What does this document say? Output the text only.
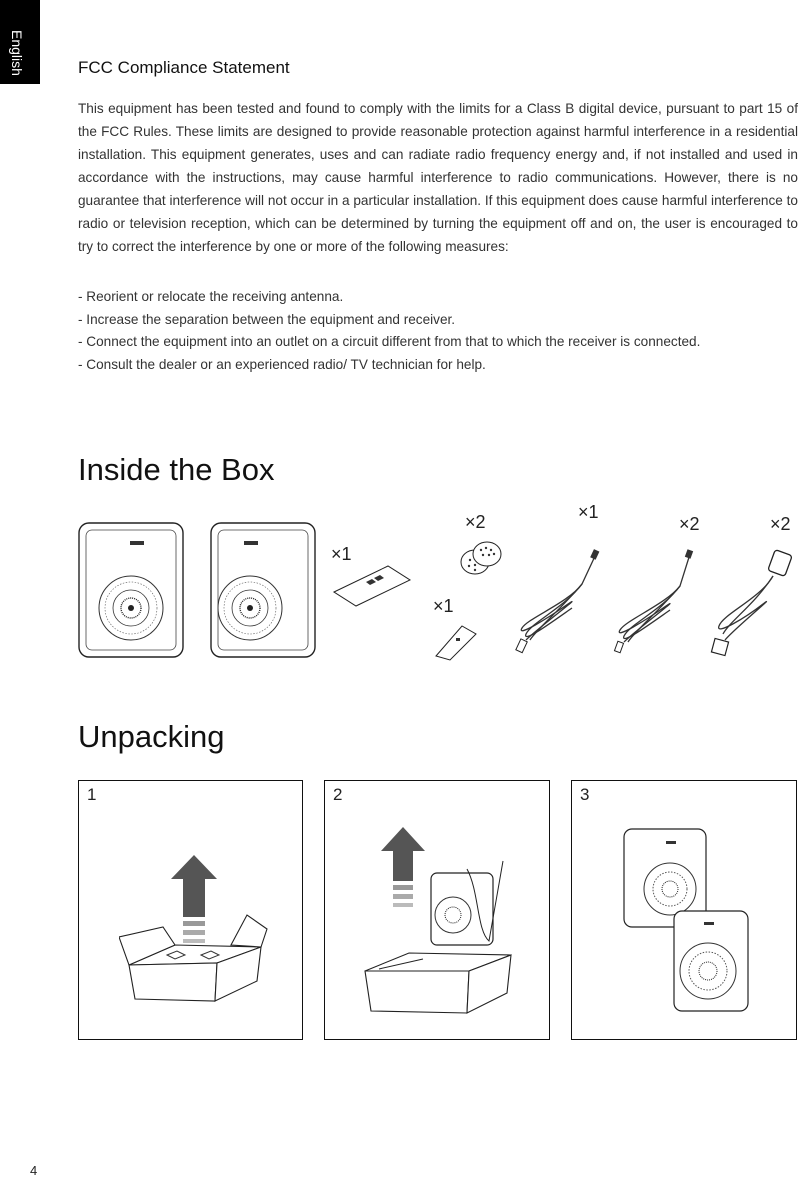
English	FCC Compliance Statement

This equipment has been tested and found to comply with the limits for a Class B digital device, pursuant to part 15 of the FCC Rules. These limits are designed to provide reasonable protection against harmful interference in a residential installation. This equipment generates, uses and can radiate radio frequency energy and, if not installed and used in accordance with the instructions, may cause harmful interference to radio communications. However, there is no guarantee that interference will not occur in a particular installation. If this equipment does cause harmful interference to radio or television reception, which can be determined by turning the equipment off and on, the user is encouraged to try to correct the interference by one or more of the following measures:

- Reorient or relocate the receiving antenna.
- Increase the separation between the equipment and receiver.
- Connect the equipment into an outlet on a circuit different from that to which the receiver is connected.
- Consult the dealer or an experienced radio/ TV technician for help.
Inside the Box
×1
×2
×1
×1
×2	×2
Unpacking
1	2	3
4
